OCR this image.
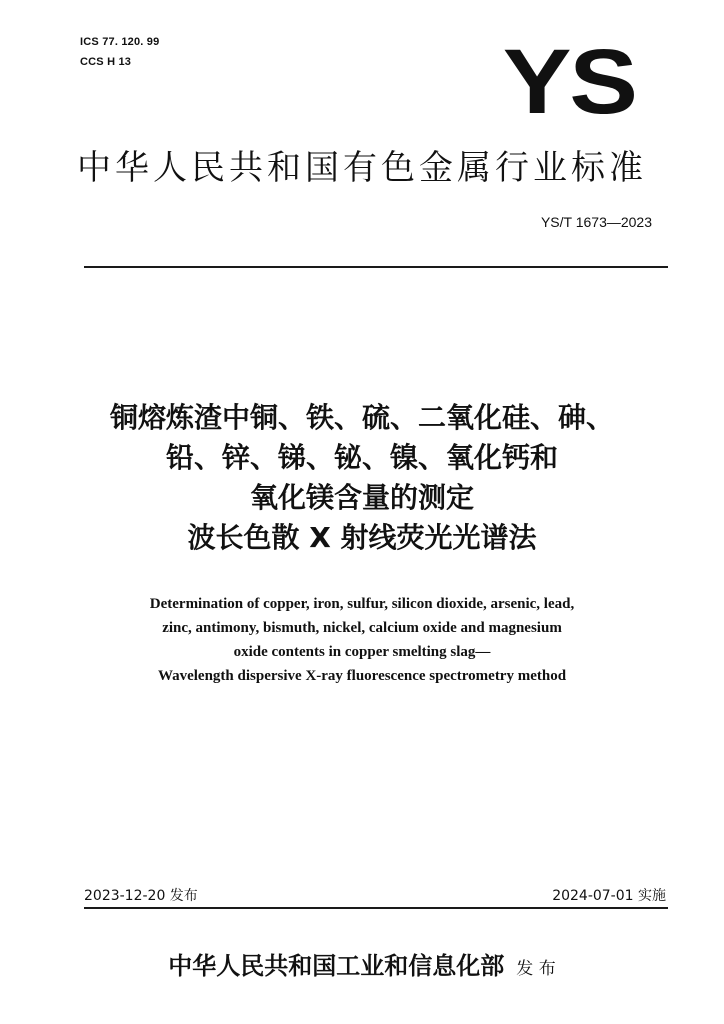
ICS 77. 120. 99
CCS H 13	YS
中华人民共和国有色金属行业标准
YS/T 1673—2023
铜熔炼渣中铜、铁、硫、二氧化硅、砷、
铅、锌、锑、铋、镍、氧化钙和
氧化镁含量的测定
波长色散 X 射线荧光光谱法
Determination of copper, iron, sulfur, silicon dioxide, arsenic, lead,
zinc, antimony, bismuth, nickel, calcium oxide and magnesium
oxide contents in copper smelting slag—
Wavelength dispersive X-ray fluorescence spectrometry method
2023-12-20 发布	2024-07-01 实施
中华人民共和国工业和信息化部 发 布
